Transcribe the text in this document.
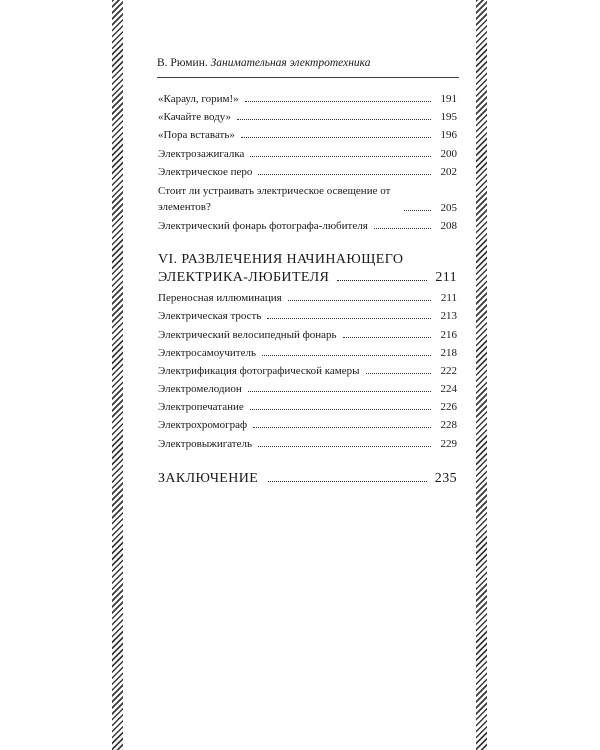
В. Рюмин. Занимательная электротехника
«Караул, горим!»	191
«Качайте воду»	195
«Пора вставать»	196
Электрозажигалка	200
Электрическое перо	202
Стоит ли устраивать электрическое освещение от элементов?	205
Электрический фонарь фотографа-любителя	208
VI. РАЗВЛЕЧЕНИЯ НАЧИНАЮЩЕГО
ЭЛЕКТРИКА-ЛЮБИТЕЛЯ	211
Переносная иллюминация	211
Электрическая трость	213
Электрический велосипедный фонарь	216
Электросамоучитель	218
Электрификация фотографической камеры	222
Электромелодион	224
Электропечатание	226
Электрохромограф	228
Электровыжигатель	229
ЗАКЛЮЧЕНИЕ	235
